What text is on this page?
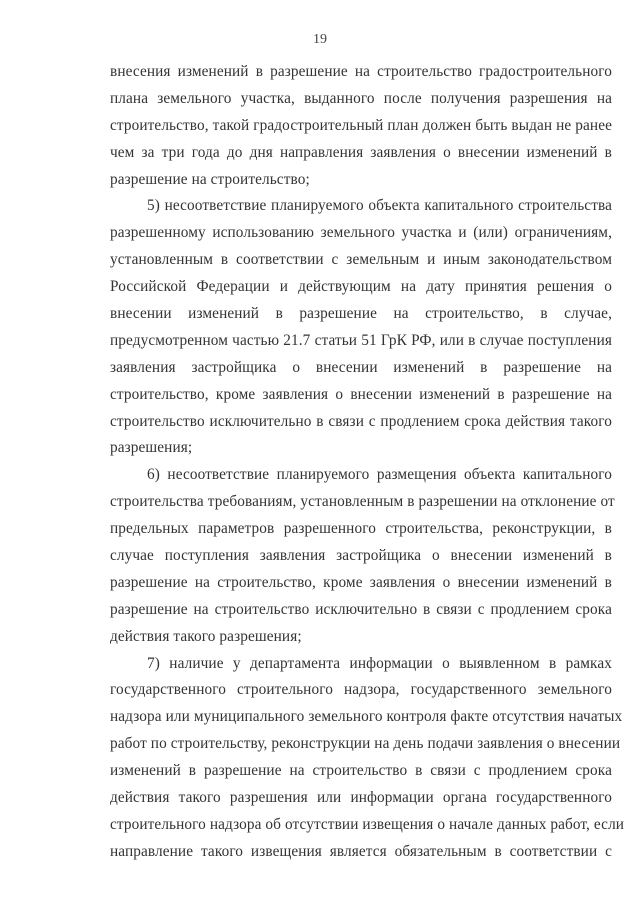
19
внесения изменений в разрешение на строительство градостроительного
плана земельного участка, выданного после получения разрешения на
строительство, такой градостроительный план должен быть выдан не ранее
чем за три года до дня направления заявления о внесении изменений в
разрешение на строительство;
5) несоответствие планируемого объекта капитального строительства
разрешенному использованию земельного участка и (или) ограничениям,
установленным в соответствии с земельным и иным законодательством
Российской Федерации и действующим на дату принятия решения о
внесении изменений в разрешение на строительство, в случае,
предусмотренном частью 21.7 статьи 51 ГрК РФ, или в случае поступления
заявления застройщика о внесении изменений в разрешение на
строительство, кроме заявления о внесении изменений в разрешение на
строительство исключительно в связи с продлением срока действия такого
разрешения;
6) несоответствие планируемого размещения объекта капитального
строительства требованиям, установленным в разрешении на отклонение от
предельных параметров разрешенного строительства, реконструкции, в
случае поступления заявления застройщика о внесении изменений в
разрешение на строительство, кроме заявления о внесении изменений в
разрешение на строительство исключительно в связи с продлением срока
действия такого разрешения;
7) наличие у департамента информации о выявленном в рамках
государственного строительного надзора, государственного земельного
надзора или муниципального земельного контроля факте отсутствия начатых
работ по строительству, реконструкции на день подачи заявления о внесении
изменений в разрешение на строительство в связи с продлением срока
действия такого разрешения или информации органа государственного
строительного надзора об отсутствии извещения о начале данных работ, если
направление такого извещения является обязательным в соответствии с
